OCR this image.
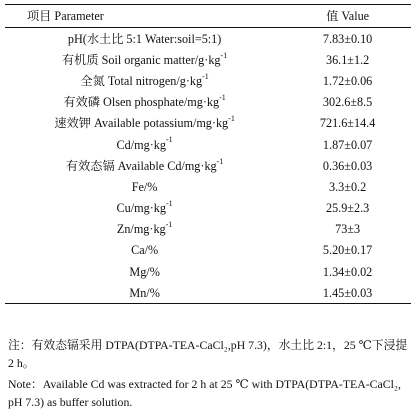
项目 Parameter	值 Value
pH(水土比 5:1 Water:soil=5:1)	7.83±0.10
有机质 Soil organic matter/$g\cdot kg^{-1}$	36.1±1.2
全氮 Total nitrogen/$g\cdot kg^{-1}$	1.72±0.06
有效磷 Olsen phosphate/$mg\cdot kg^{-1}$	302.6±8.5
速效钾 Available potassium/$mg\cdot kg^{-1}$	721.6±14.4
$Cd/mg\cdot kg^{-1}$	1.87±0.07
有效态镉 Available $Cd/mg\cdot kg^{-1}$	0.36±0.03
Fe/%	3.3±0.2
$Cu/mg\cdot kg^{-1}$	25.9±2.3
$Zn/mg\cdot kg^{-1}$	73±3
Ca/%	5.20±0.17
Mg/%	1.34±0.02
Mn/%	1.45±0.03

注：有效态镉采用 DTPA(DTPA-TEA-CaCl₂,pH 7.3)，水土比 2:1，25 ℃下浸提 2 h。

Note：Available Cd was extracted for 2 h at 25 ℃ with DTPA(DTPA-TEA-CaCl₂, pH 7.3) as buffer solution.
